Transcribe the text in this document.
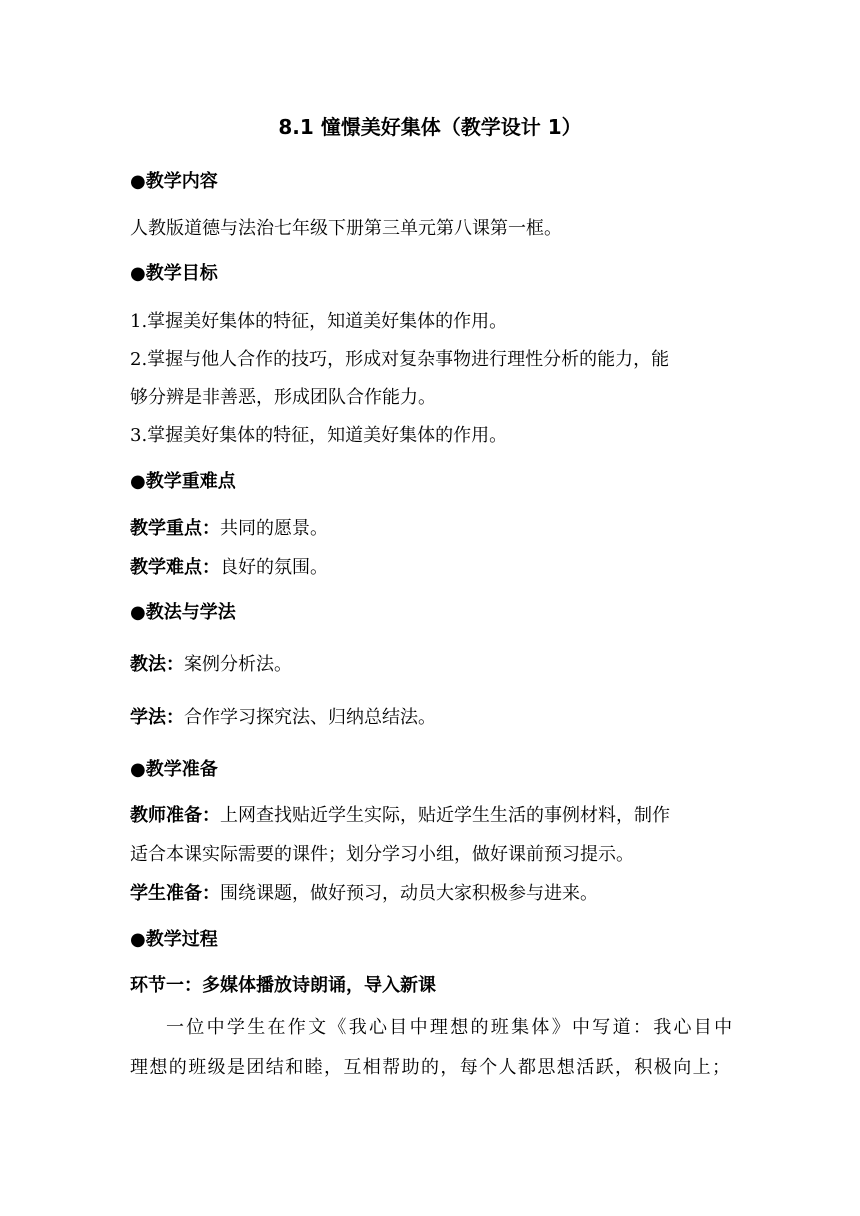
8.1 憧憬美好集体（教学设计 1）
●教学内容
人教版道德与法治七年级下册第三单元第八课第一框。
●教学目标
1.掌握美好集体的特征，知道美好集体的作用。
2.掌握与他人合作的技巧，形成对复杂事物进行理性分析的能力，能
够分辨是非善恶，形成团队合作能力。
3.掌握美好集体的特征，知道美好集体的作用。
●教学重难点
教学重点：共同的愿景。
教学难点：良好的氛围。
●教法与学法
教法：案例分析法。
学法：合作学习探究法、归纳总结法。
●教学准备
教师准备：上网查找贴近学生实际，贴近学生生活的事例材料，制作
适合本课实际需要的课件；划分学习小组，做好课前预习提示。
学生准备：围绕课题，做好预习，动员大家积极参与进来。
●教学过程
环节一：多媒体播放诗朗诵，导入新课
一位中学生在作文《我心目中理想的班集体》中写道：我心目中
理想的班级是团结和睦，互相帮助的，每个人都思想活跃，积极向上；
